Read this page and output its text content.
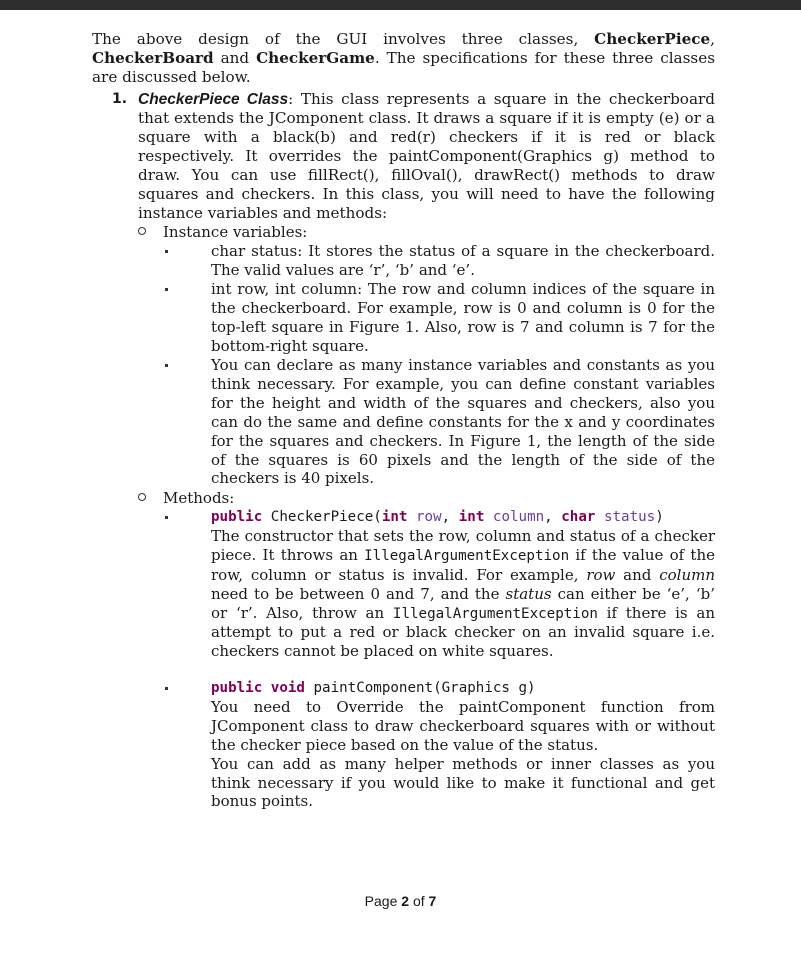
The above design of the GUI involves three classes, CheckerPiece, CheckerBoard and CheckerGame. The specifications for these three classes are discussed below.

1. CheckerPiece Class: This class represents a square in the checkerboard that extends the JComponent class. It draws a square if it is empty (e) or a square with a black(b) and red(r) checkers if it is red or black respectively. It overrides the paintComponent(Graphics g) method to draw. You can use fillRect(), fillOval(), drawRect() methods to draw squares and checkers. In this class, you will need to have the following instance variables and methods:

Instance variables:

char status: It stores the status of a square in the checkerboard. The valid values are ‘r’, ‘b’ and ‘e’.

int row, int column: The row and column indices of the square in the checkerboard. For example, row is 0 and column is 0 for the top-left square in Figure 1. Also, row is 7 and column is 7 for the bottom-right square.

You can declare as many instance variables and constants as you think necessary. For example, you can define constant variables for the height and width of the squares and checkers, also you can do the same and define constants for the x and y coordinates for the squares and checkers. In Figure 1, the length of the side of the squares is 60 pixels and the length of the side of the checkers is 40 pixels.

Methods:
public CheckerPiece(int row, int column, char status)

The constructor that sets the row, column and status of a checker piece. It throws an IllegalArgumentException if the value of the row, column or status is invalid. For example, row and column need to be between 0 and 7, and the status can either be ‘e’, ‘b’ or ‘r’. Also, throw an IllegalArgumentException if there is an attempt to put a red or black checker on an invalid square i.e. checkers cannot be placed on white squares.

public void paintComponent(Graphics g)

You need to Override the paintComponent function from JComponent class to draw checkerboard squares with or without the checker piece based on the value of the status.

You can add as many helper methods or inner classes as you think necessary if you would like to make it functional and get bonus points.

Page 2 of 7
